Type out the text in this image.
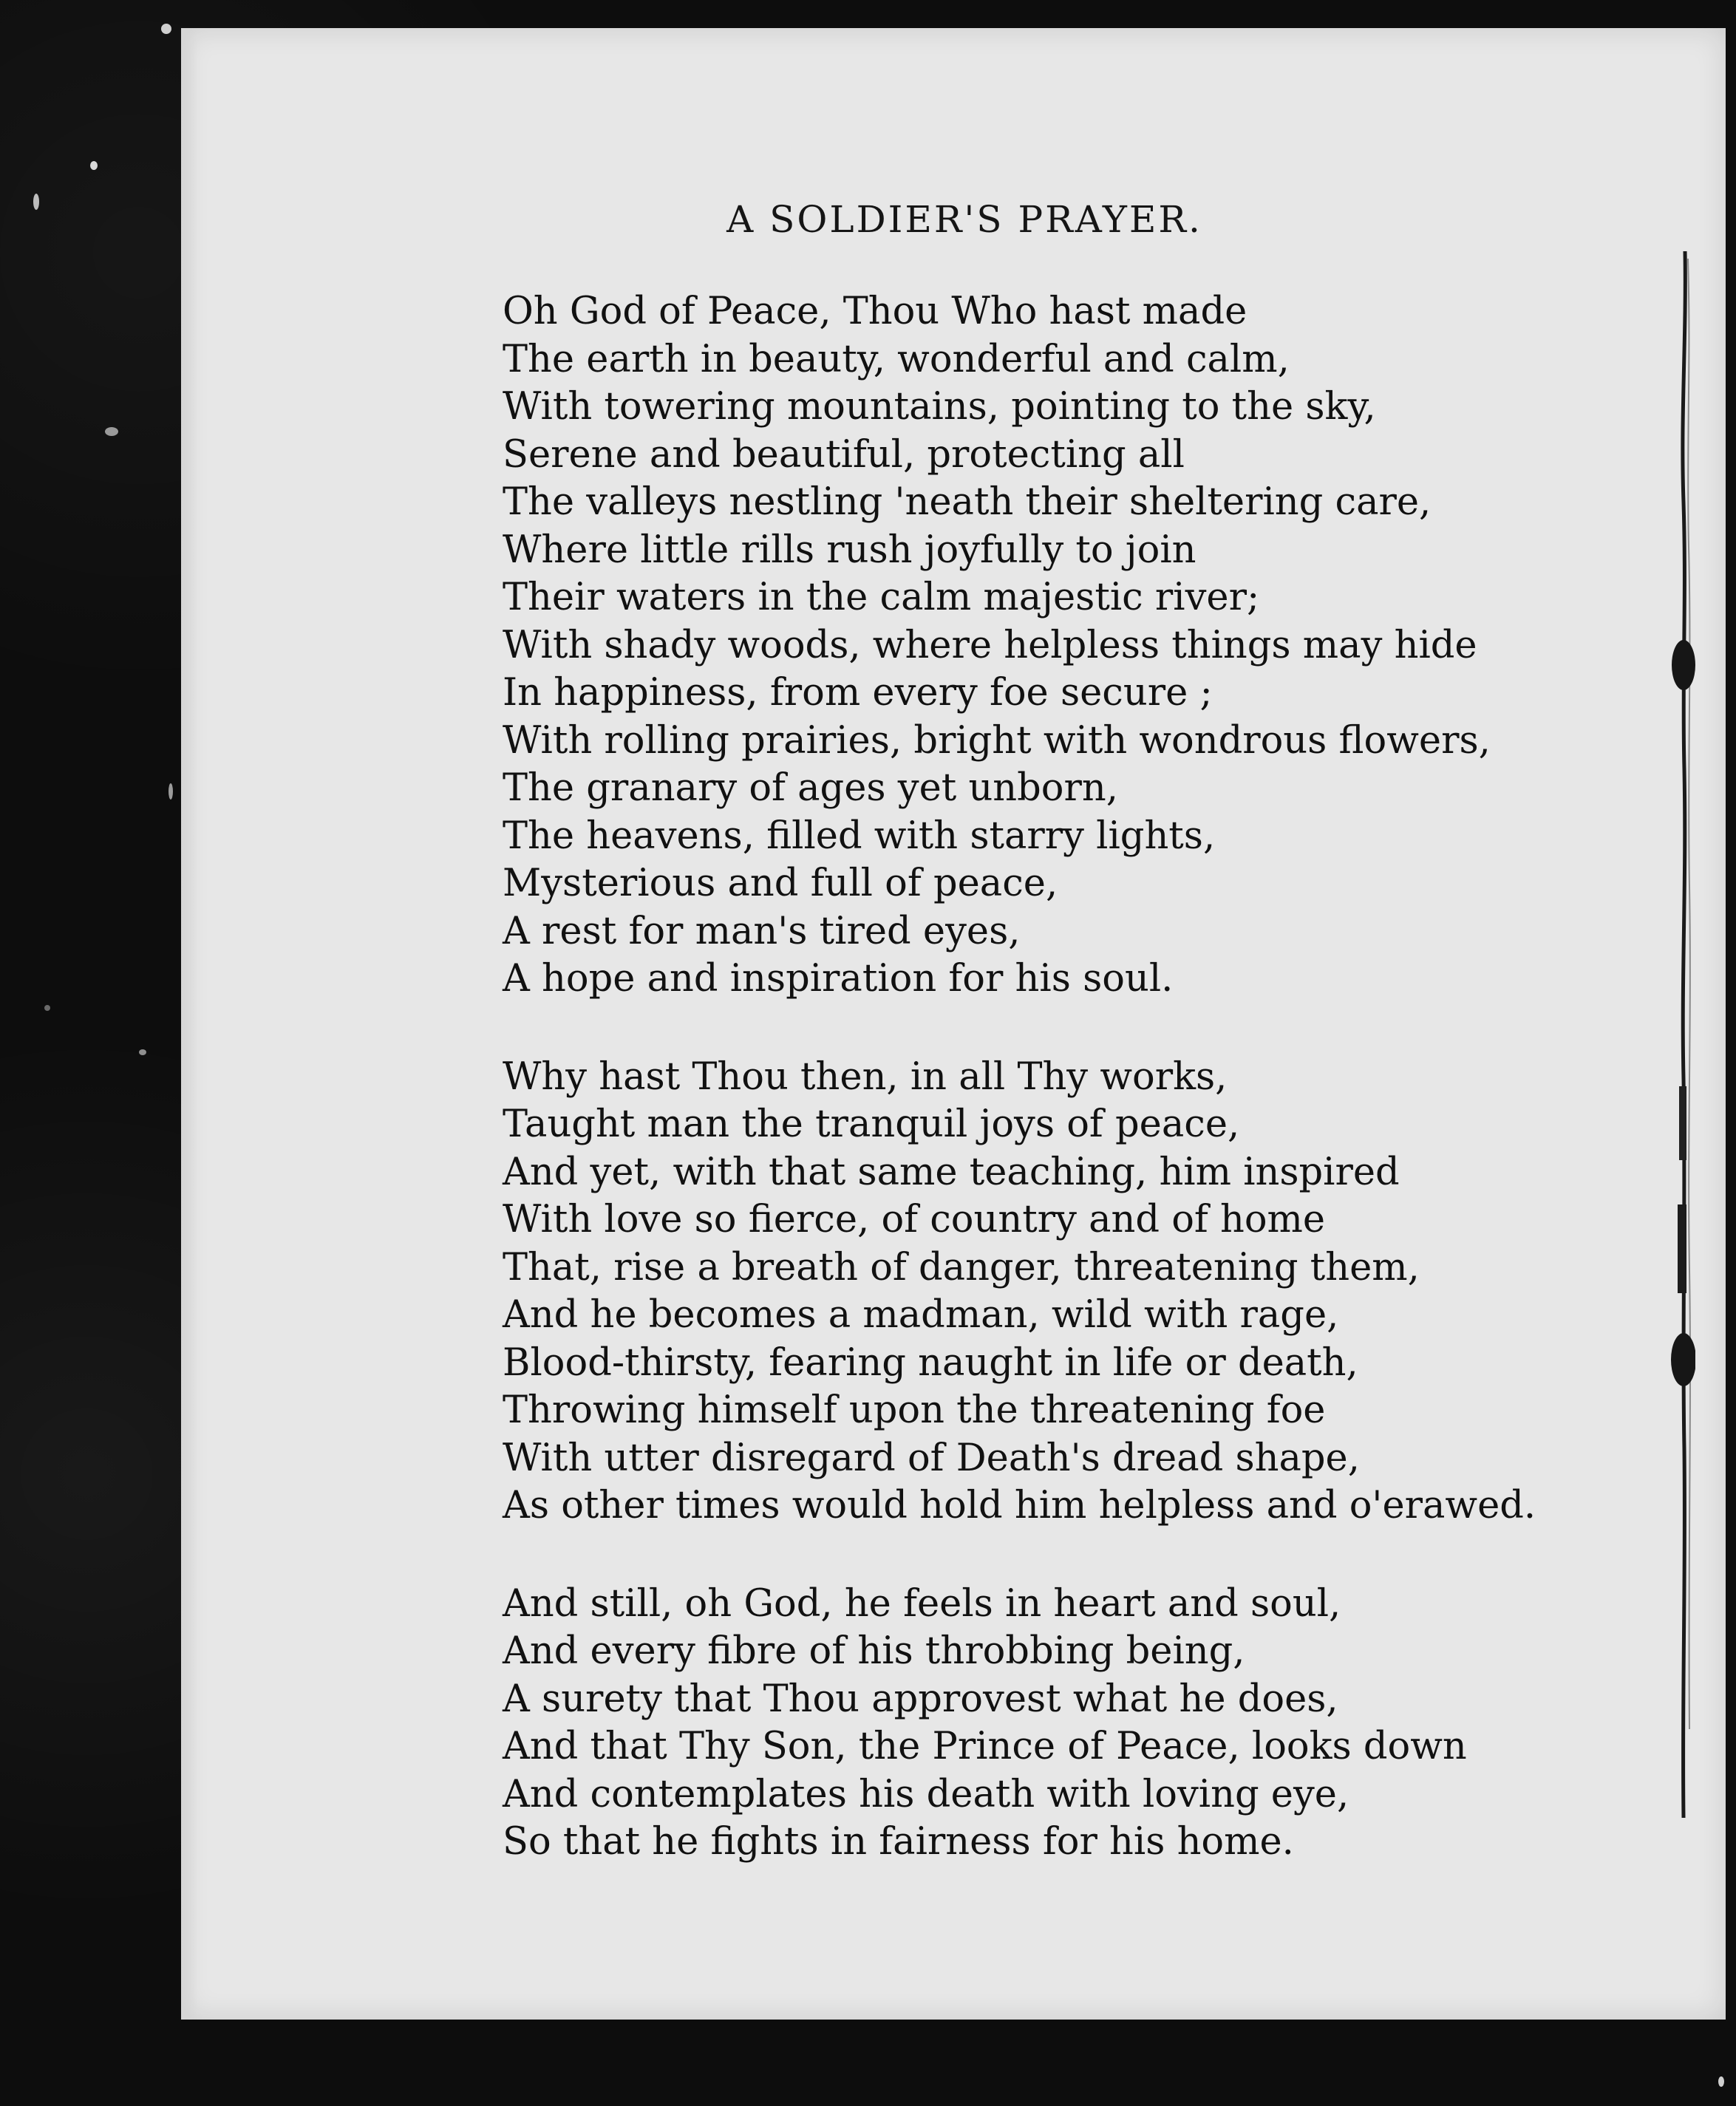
A SOLDIER'S PRAYER.
Oh God of Peace, Thou Who hast made
The earth in beauty, wonderful and calm,
With towering mountains, pointing to the sky,
Serene and beautiful, protecting all
The valleys nestling 'neath their sheltering care,
Where little rills rush joyfully to join
Their waters in the calm majestic river;
With shady woods, where helpless things may hide
In happiness, from every foe secure ;
With rolling prairies, bright with wondrous flowers,
The granary of ages yet unborn,
The heavens, filled with starry lights,
Mysterious and full of peace,
A rest for man's tired eyes,
A hope and inspiration for his soul.
Why hast Thou then, in all Thy works,
Taught man the tranquil joys of peace,
And yet, with that same teaching, him inspired
With love so fierce, of country and of home
That, rise a breath of danger, threatening them,
And he becomes a madman, wild with rage,
Blood-thirsty, fearing naught in life or death,
Throwing himself upon the threatening foe
With utter disregard of Death's dread shape,
As other times would hold him helpless and o'erawed.
And still, oh God, he feels in heart and soul,
And every fibre of his throbbing being,
A surety that Thou approvest what he does,
And that Thy Son, the Prince of Peace, looks down
And contemplates his death with loving eye,
So that he fights in fairness for his home.
